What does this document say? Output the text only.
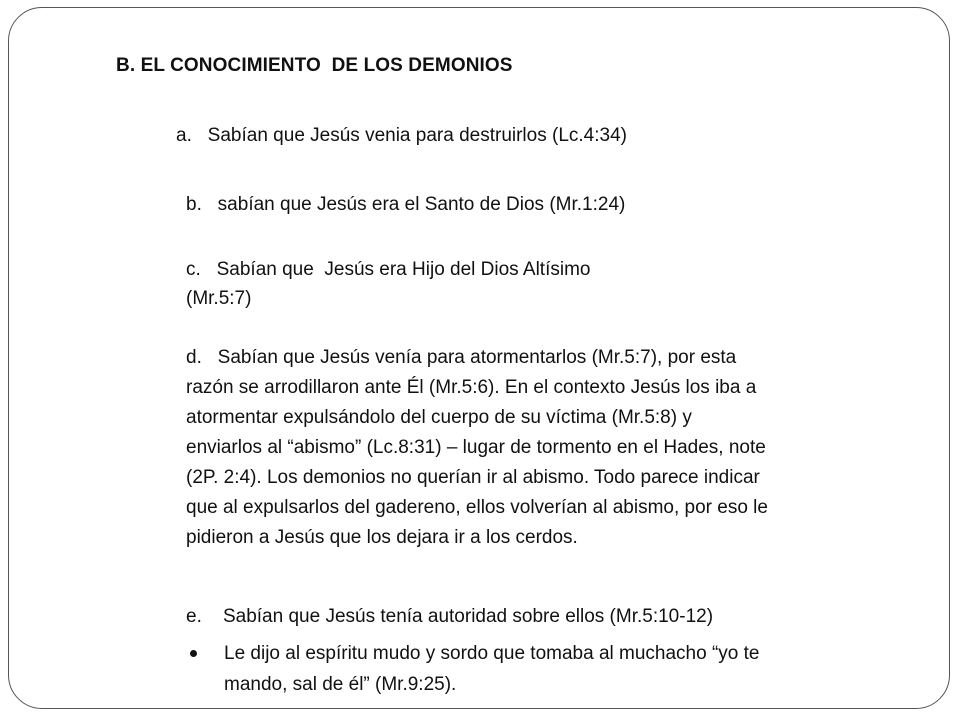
B. EL CONOCIMIENTO  DE LOS DEMONIOS
a.   Sabían que Jesús venia para destruirlos (Lc.4:34)
b.   sabían que Jesús era el Santo de Dios (Mr.1:24)
c.   Sabían que  Jesús era Hijo del Dios Altísimo
(Mr.5:7)
d.   Sabían que Jesús venía para atormentarlos (Mr.5:7), por esta
razón se arrodillaron ante Él (Mr.5:6). En el contexto Jesús los iba a
atormentar expulsándolo del cuerpo de su víctima (Mr.5:8) y
enviarlos al “abismo” (Lc.8:31) – lugar de tormento en el Hades, note
(2P. 2:4). Los demonios no querían ir al abismo. Todo parece indicar
que al expulsarlos del gadereno, ellos volverían al abismo, por eso le
pidieron a Jesús que los dejara ir a los cerdos.
e.    Sabían que Jesús tenía autoridad sobre ellos (Mr.5:10-12)
Le dijo al espíritu mudo y sordo que tomaba al muchacho “yo te
mando, sal de él” (Mr.9:25).
